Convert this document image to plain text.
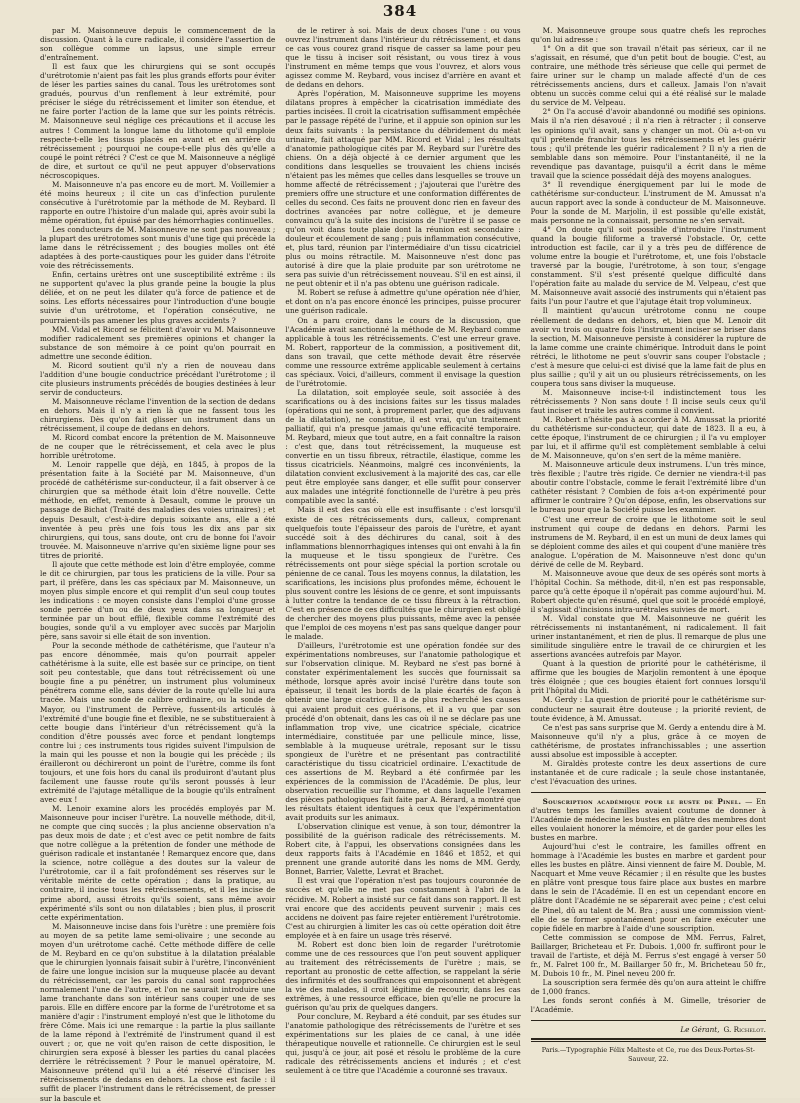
384

par M. Maisonneuve depuis le commencement de la discussion. Quant à la cure radicale, il considère l'assertion de son collègue comme un lapsus, une simple erreur d'entraînement.

Il est faux que les chirurgiens qui se sont occupés d'urétrotomie n'aient pas fait les plus grands efforts pour éviter de léser les parties saines du canal. Tous les urétrotomes sont gradués, pourvus d'un renflement à leur extrémité, pour préciser le siége du rétrécissement et limiter son étendue, et ne faire porter l'action de la lame que sur les points rétrécis. M. Maisonneuve seul néglige ces précautions et il accuse les autres ! Comment la longue lame du lithotome qu'il emploie respecte-t-elle les tissus placés en avant et en arrière du rétrécissement ; pourquoi ne coupe-t-elle plus dès qu'elle a coupé le point rétréci ? C'est ce que M. Maisonneuve a négligé de dire, et surtout ce qu'il ne peut appuyer d'observations nécroscopiques.

M. Maisonneuve n'a pas encore eu de mort. M. Voillemier a été moins heureux ; il cite un cas d'infection purulente consécutive à l'urétrotomie par la méthode de M. Reybard. Il rapporte en outre l'histoire d'un malade qui, après avoir subi la même opération, fut épuisé par des hémorrhagies continuelles.

Les conducteurs de M. Maisonneuve ne sont pas nouveaux ; la plupart des urétrotomes sont munis d'une tige qui précède la lame dans le rétrécissement ; des bougies molles ont été adaptées à des porte-caustiques pour les guider dans l'étroite voie des rétrécissements.

Enfin, certains urètres ont une susceptibilité extrême : ils ne supportent qu'avec la plus grande peine la bougie la plus déliée, et on ne peut les dilater qu'à force de patience et de soins. Les efforts nécessaires pour l'introduction d'une bougie suivie d'un urétrotome, et l'opération consécutive, ne pourraient-ils pas amener les plus graves accidents ?

MM. Vidal et Ricord se félicitent d'avoir vu M. Maisonneuve modifier radicalement ses premières opinions et changer la substance de son mémoire à ce point qu'on pourrait en admettre une seconde édition.

M. Ricord soutient qu'il n'y a rien de nouveau dans l'addition d'une bougie conductrice précédant l'urétrotome ; il cite plusieurs instruments précédés de bougies destinées à leur servir de conducteurs.

M. Maisonneuve réclame l'invention de la section de dedans en dehors. Mais il n'y a rien là que ne fassent tous les chirurgiens. Dès qu'on fait glisser un instrument dans un rétrécissement, il coupe de dedans en dehors.

M. Ricord combat encore la prétention de M. Maisonneuve de ne couper que le rétrécissement, et cela avec le plus horrible urétrotome.

M. Lenoir rappelle que déjà, en 1845, à propos de la présentation faite à la Société par M. Maisonneuve, d'un procédé de cathétérisme sur-conducteur, il a fait observer à ce chirurgien que sa méthode était loin d'être nouvelle. Cette méthode, en effet, remonte à Desault, comme le prouve un passage de Bichat (Traité des maladies des voies urinaires) ; et depuis Desault, c'est-à-dire depuis soixante ans, elle a été inventée à peu près une fois tous les dix ans par six chirurgiens, qui tous, sans doute, ont cru de bonne foi l'avoir trouvée. M. Maisonneuve n'arrive qu'en sixième ligne pour ses titres de priorité.

Il ajoute que cette méthode est loin d'être employée, comme le dit ce chirurgien, par tous les praticiens de la ville. Pour sa part, il préfère, dans les cas spéciaux par M. Maisonneuve, un moyen plus simple encore et qui remplit d'un seul coup toutes les indications : ce moyen consiste dans l'emploi d'une grosse sonde percée d'un ou de deux yeux dans sa longueur et terminée par un bout effilé, flexible comme l'extrémité des bougies, sonde qu'il a vu employer avec succès par Marjolin père, sans savoir si elle était de son invention.

Pour la seconde méthode de cathétérisme, que l'auteur n'a pas encore dénommée, mais qu'on pourrait appeler cathétérisme à la suite, elle est basée sur ce principe, on tient soit peu contestable, que dans tout rétrécissement où une bougie fine a pu pénétrer, un instrument plus volumineux pénétrera comme elle, sans dévier de la route qu'elle lui aura tracée. Mais une sonde de calibre ordinaire, ou la sonde de Mayor, ou l'instrument de Perrève, fussent-ils articulés à l'extrémité d'une bougie fine et flexible, ne se substitueraient à cette bougie dans l'intérieur d'un rétrécissement qu'à la condition d'être poussés avec force et pendant longtemps contre lui ; ces instruments tous rigides suivent l'impulsion de la main qui les pousse et non la bougie qui les précède ; ils érailleront ou déchireront un point de l'urètre, comme ils font toujours, et une fois hors du canal ils produiront d'autant plus facilement une fausse route qu'ils seront poussés à leur extrémité de l'ajutage métallique de la bougie qu'ils entraînent avec eux !

M. Lenoir examine alors les procédés employés par M. Maisonneuve pour inciser l'urètre. La nouvelle méthode, dit-il, ne compte que cinq succès ; la plus ancienne observation n'a pas deux mois de date ; et c'est avec ce petit nombre de faits que notre collègue a la prétention de fonder une méthode de guérison radicale et instantanée ! Remarquez encore que, dans la science, notre collègue a des doutes sur la valeur de l'urétrotomie, car il a fait profondément ses réserves sur le véritable mérite de cette opération ; dans la pratique, au contraire, il incise tous les rétrécissements, et il les incise de prime abord, aussi étroits qu'ils soient, sans même avoir expérimenté s'ils sont ou non dilatables ; bien plus, il proscrit cette expérimentation.

M. Maisonneuve incise dans fois l'urètre : une première fois au moyen de sa petite lame semi-olivaire ; une seconde au moyen d'un urétrotome caché. Cette méthode diffère de celle de M. Reybard en ce qu'on substitue à la dilatation préalable que le chirurgien lyonnais faisait subir à l'urètre, l'inconvénient de faire une longue incision sur la muqueuse placée au devant du rétrécissement, car les parois du canal sont rapprochées normalement l'une de l'autre, et l'on ne saurait introduire une lame tranchante dans son intérieur sans couper une de ses parois. Elle en diffère encore par la forme de l'urétrotome et sa manière d'agir : l'instrument employé n'est que le lithotome du frère Côme. Mais ici une remarque : la partie la plus saillante de la lame répond à l'extrémité de l'instrument quand il est ouvert ; or, que ne voit qu'en raison de cette disposition, le chirurgien sera exposé à blesser les parties du canal placées derrière le rétrécissement ? Pour le manuel opératoire, M. Maisonneuve prétend qu'il lui a été réservé d'inciser les rétrécissements de dedans en dehors. La chose est facile : il suffit de placer l'instrument dans le rétrécissement, de presser sur la bascule et

de le retirer à soi. Mais de deux choses l'une : ou vous ouvrez l'instrument dans l'intérieur du rétrécissement, et dans ce cas vous courez grand risque de casser sa lame pour peu que le tissu à inciser soit résistant, ou vous tirez à vous l'instrument en même temps que vous l'ouvrez, et alors vous agissez comme M. Reybard, vous incisez d'arrière en avant et de dedans en dehors.

Après l'opération, M. Maisonneuve supprime les moyens dilatans propres à empêcher la cicatrisation immédiate des parties incisées. Il croit la cicatrisation suffisamment empêchée par le passage répété de l'urine, et il appuie son opinion sur les deux faits suivants : la persistance du débridement du méat urinaire, fait attaqué par MM. Ricord et Vidal ; les résultats d'anatomie pathologique cités par M. Reybard sur l'urètre des chiens. On a déjà objecté à ce dernier argument que les conditions dans lesquelles se trouvaient les chiens incisés n'étaient pas les mêmes que celles dans lesquelles se trouve un homme affecté de rétrécissement ; j'ajouterai que l'urètre des premiers offre une structure et une conformation différentes de celles du second. Ces faits ne prouvent donc rien en faveur des doctrines avancées par notre collègue, et je demeure convaincu qu'à la suite des incisions de l'urètre il se passe ce qu'on voit dans toute plaie dont la réunion est secondaire : douleur et écoulement de sang ; puis inflammation consécutive, et, plus tard, réunion par l'intermédiaire d'un tissu cicatriciel plus ou moins rétractile. M. Maisonneuve n'est donc pas autorisé à dire que la plaie produite par son urétrotome ne sera pas suivie d'un rétrécissement nouveau. S'il en est ainsi, il ne peut obtenir et il n'a pas obtenu une guérison radicale.

M. Robert se refuse à admettre qu'une opération née d'hier, et dont on n'a pas encore énoncé les principes, puisse procurer une guérison radicale.

On a paru croire, dans le cours de la discussion, que l'Académie avait sanctionné la méthode de M. Reybard comme applicable à tous les rétrécissements. C'est une erreur grave. M. Robert, rapporteur de la commission, a positivement dit, dans son travail, que cette méthode devait être réservée comme une ressource extrême applicable seulement à certains cas spéciaux. Voici, d'ailleurs, comment il envisage la question de l'urétrotomie.

La dilatation, soit employée seule, soit associée à des scarifications ou à des incisions faites sur les tissus malades (opérations qui ne sont, à proprement parler, que des adjuvans de la dilatation), ne constitue, il est vrai, qu'un traitement palliatif, qui n'a presque jamais qu'une efficacité temporaire. M. Reybard, mieux que tout autre, en a fait connaître la raison : c'est que, dans tout rétrécissement, la muqueuse est convertie en un tissu fibreux, rétractile, élastique, comme les tissus cicatriciels. Néanmoins, malgré ces inconvénients, la dilatation convient exclusivement à la majorité des cas, car elle peut être employée sans danger, et elle suffit pour conserver aux malades une intégrité fonctionnelle de l'urètre à peu près compatible avec la santé.

Mais il est des cas où elle est insuffisante : c'est lorsqu'il existe de ces rétrécissements durs, calleux, comprenant quelquefois toute l'épaisseur des parois de l'urètre, et ayant succédé soit à des déchirures du canal, soit à des inflammations blennorrhagiques intenses qui ont envahi à la fin la muqueuse et le tissu spongieux de l'urètre. Ces rétrécissements ont pour siège spécial la portion scrotale ou pénienne de ce canal. Tous les moyens connus, la dilatation, les scarifications, les incisions plus profondes même, échouent le plus souvent contre les lésions de ce genre, et sont impuissants à lutter contre la tendance de ce tissu fibreux à la rétraction. C'est en présence de ces difficultés que le chirurgien est obligé de chercher des moyens plus puissants, même avec la pensée que l'emploi de ces moyens n'est pas sans quelque danger pour le malade.

D'ailleurs, l'urétrotomie est une opération fondée sur des expérimentations nombreuses, sur l'anatomie pathologique et sur l'observation clinique. M. Reybard ne s'est pas borné à constater expérimentalement les succès que fournissait sa méthode, lorsque après avoir incisé l'urètre dans toute son épaisseur, il tenait les bords de la plaie écartés de façon à obtenir une large cicatrice. Il a de plus recherché les causes qui avaient produit ces guérisons, et il a vu que par son procédé d'on obtenait, dans les cas où il ne se déclare pas une inflammation trop vive, une cicatrice spéciale, cicatrice intermédiaire, constituée par une pellicule mince, lisse, semblable à la muqueuse urétrale, reposant sur le tissu spongieux de l'urètre et ne présentant pas contractilité caractéristique du tissu cicatriciel ordinaire. L'exactitude de ces assertions de M. Reybard a été confirmée par les expériences de la commission de l'Académie. De plus, leur observation recueillie sur l'homme, et dans laquelle l'examen des pièces pathologiques fait faite par A. Bérard, a montré que les résultats étaient identiques à ceux que l'expérimentation avait produits sur les animaux.

L'observation clinique est venue, à son tour, démontrer la possibilité de la guérison radicale des rétrécissements. M. Robert cite, à l'appui, les observations consignées dans les deux rapports faits à l'Académie en 1846 et 1852, et qui prennent une grande autorité dans les noms de MM. Gerdy, Bonnet, Barrier, Valette, Levrat et Brachet.

Il est vrai que l'opération n'est pas toujours couronnée de succès et qu'elle ne met pas constamment à l'abri de la récidive. M. Robert a insisté sur ce fait dans son rapport. Il est vrai encore que des accidents peuvent survenir ; mais ces accidens ne doivent pas faire rejeter entièrement l'urétrotomie. C'est au chirurgien à limiter les cas où cette opération doit être employée et à en faire un usage très réservé.

M. Robert est donc bien loin de regarder l'urétrotomie comme une de ces ressources que l'on peut souvent appliquer au traitement des rétrécissements de l'urètre ; mais, se reportant au pronostic de cette affection, se rappelant la série des infirmités et des souffrances qui empoisonnent et abrègent la vie des malades, il croit légitime de recourir, dans les cas extrêmes, à une ressource efficace, bien qu'elle ne procure la guérison qu'au prix de quelques dangers.

Pour conclure, M. Reybard a été conduit, par ses études sur l'anatomie pathologique des rétrécissements de l'urètre et ses expérimentations sur les plaies de ce canal, à une idée thérapeutique nouvelle et rationnelle. Ce chirurgien est le seul qui, jusqu'à ce jour, ait posé et résolu le problème de la cure radicale des rétrécissements anciens et indurés ; et c'est seulement à ce titre que l'Académie a couronné ses travaux.

M. Maisonneuve groupe sous quatre chefs les reproches qu'on lui adresse :

1° On a dit que son travail n'était pas sérieux, car il ne s'agissait, en résumé, que d'un petit bout de bougie. C'est, au contraire, une méthode très sérieuse que celle qui permet de faire uriner sur le champ un malade affecté d'un de ces rétrécissements anciens, durs et calleux. Jamais l'on n'avait obtenu un succès comme celui qui a été réalisé sur le malade du service de M. Velpeau.

2° On l'a accusé d'avoir abandonné ou modifié ses opinions. Mais il n'a rien désavoué ; il n'a rien à rétracter ; il conserve les opinions qu'il avait, sans y changer un mot. Où a-t-on vu qu'il prétende franchir tous les rétrécissements et les guérir tous ; qu'il prétende les guérir radicalement ? Il n'y a rien de semblable dans son mémoire. Pour l'instantanéité, il ne la revendique pas davantage, puisqu'il a écrit dans le même travail que la science possédait déjà des moyens analogues.

3° Il revendique énergiquement par lui le mode de cathétérisme sur-conducteur. L'instrument de M. Amussat n'a aucun rapport avec la sonde à conducteur de M. Maisonneuve. Pour la sonde de M. Marjolin, il est possible qu'elle existât, mais personne ne la connaissait, personne ne s'en servait.

4° On doute qu'il soit possible d'introduire l'instrument quand la bougie filiforme a traversé l'obstacle. Or, cette introduction est facile, car il y a très peu de différence de volume entre la bougie et l'urétrotome, et, une fois l'obstacle traversé par la bougie, l'urétrotome, à son tour, s'engage constamment. S'il s'est présenté quelque difficulté dans l'opération faite au malade du service de M. Velpeau, c'est que M. Maisonneuve avait associé des instruments qui n'étaient pas faits l'un pour l'autre et que l'ajutage était trop volumineux.

Il maintient qu'aucun urétrotome connu ne coupe réellement de dedans en dehors, et, bien que M. Lenoir dit avoir vu trois ou quatre fois l'instrument inciser se briser dans la section, M. Maisonneuve persiste à considérer la rupture de la lame comme une crainte chimérique. Introduit dans le point rétréci, le lithotome ne peut s'ouvrir sans couper l'obstacle ; c'est à mesure que celui-ci est divisé que la lame fait de plus en plus saillie ; qu'il y ait un ou plusieurs rétrécissements, on les coupera tous sans diviser la muqueuse.

M. Maisonneuve incise-t-il indistinctement tous les rétrécissements ? Non sans doute ! Il incise seuls ceux qu'il faut inciser et traite les autres comme il convient.

M. Robert n'hésite pas à accorder à M. Amussat la priorité du cathétérisme sur-conducteur, qui date de 1823. Il a eu, à cette époque, l'instrument de ce chirurgien ; il l'a vu employer par lui, et il affirme qu'il est complètement semblable à celui de M. Maisonneuve, qu'on s'en sert de la même manière.

M. Maisonneuve articule deux instrumens. L'un très mince, très flexible ; l'autre très rigide. Ce dernier ne viendra-t-il pas aboutir contre l'obstacle, comme le ferait l'extrémité libre d'un cathéter résistant ? Combien de fois a-t-on expérimenté pour affirmer le contraire ? Qu'on dépose, enfin, les observations sur le bureau pour que la Société puisse les examiner.

C'est une erreur de croire que le lithotome soit le seul instrument qui coupe de dedans en dehors. Parmi les instrumens de M. Reybard, il en est un muni de deux lames qui se déploient comme des ailes et qui coupent d'une manière très analogue. L'opération de M. Maisonneuve n'est donc qu'un dérivé de celle de M. Reybard.

M. Maisonneuve avoue que deux de ses opérés sont morts à l'hôpital Cochin. Sa méthode, dit-il, n'en est pas responsable, parce qu'à cette époque il n'opérait pas comme aujourd'hui. M. Robert objecte qu'en résumé, quel que soit le procédé employé, il s'agissait d'incisions intra-urétrales suivies de mort.

M. Vidal constate que M. Maisonneuve ne guérit les rétrécissements ni instantanément, ni radicalement. Il fait uriner instantanément, et rien de plus. Il remarque de plus une similitude singulière entre le travail de ce chirurgien et les assertions avancées autrefois par Mayor.

Quant à la question de priorité pour le cathétérisme, il affirme que les bougies de Marjolin remontent à une époque très éloignée ; que ces bougies étaient fort connues lorsqu'il prit l'hôpital du Midi.

M. Gerdy : La question de priorité pour le cathétérisme sur-conducteur ne saurait être douteuse ; la priorité revient, de toute évidence, à M. Amussat.

Ce n'est pas sans surprise que M. Gerdy a entendu dire à M. Maisonneuve qu'il n'y a plus, grâce à ce moyen de cathétérisme, de prostates infranchissables ; une assertion aussi absolue est impossible à accepter.

M. Giraldès proteste contre les deux assertions de cure instantanée et de cure radicale ; la seule chose instantanée, c'est l'évacuation des urines.

Souscription académique pour le buste de Pinel. — En d'autres temps les familles avaient coutume de donner à l'Académie de médecine les bustes en plâtre des membres dont elles voulaient honorer la mémoire, et de garder pour elles les bustes en marbre.

Aujourd'hui c'est le contraire, les familles offrent en hommage à l'Académie les bustes en marbre et gardent pour elles les bustes en plâtre. Ainsi viennent de faire M. Double, M. Nacquart et Mme veuve Récamier ; il en résulte que les bustes en plâtre vont presque tous faire place aux bustes en marbre dans le sein de l'Académie. Il en est un cependant encore en plâtre dont l'Académie ne se séparerait avec peine ; c'est celui de Pinel, dû au talent de M. Bra ; aussi une commission vient-elle de se former spontanément pour en faire exécuter une copie fidèle en marbre à l'aide d'une souscription.

Cette commission se compose de MM. Ferrus, Falret, Baillarger, Bricheteau et Fr. Dubois. 1,000 fr. suffiront pour le travail de l'artiste, et déjà M. Ferrus s'est engagé à verser 50 fr., M. Falret 100 fr., M. Baillarger 50 fr., M. Bricheteau 50 fr., M. Dubois 10 fr., M. Pinel neveu 200 fr.

La souscription sera fermée dès qu'on aura atteint le chiffre de 1,000 francs.

Les fonds seront confiés à M. Gimelle, trésorier de l'Académie.

Le Gérant, G. Richelot.
Paris.—Typographie Félix Malteste et Ce, rue des Deux-Portes-St-Sauveur, 22.
